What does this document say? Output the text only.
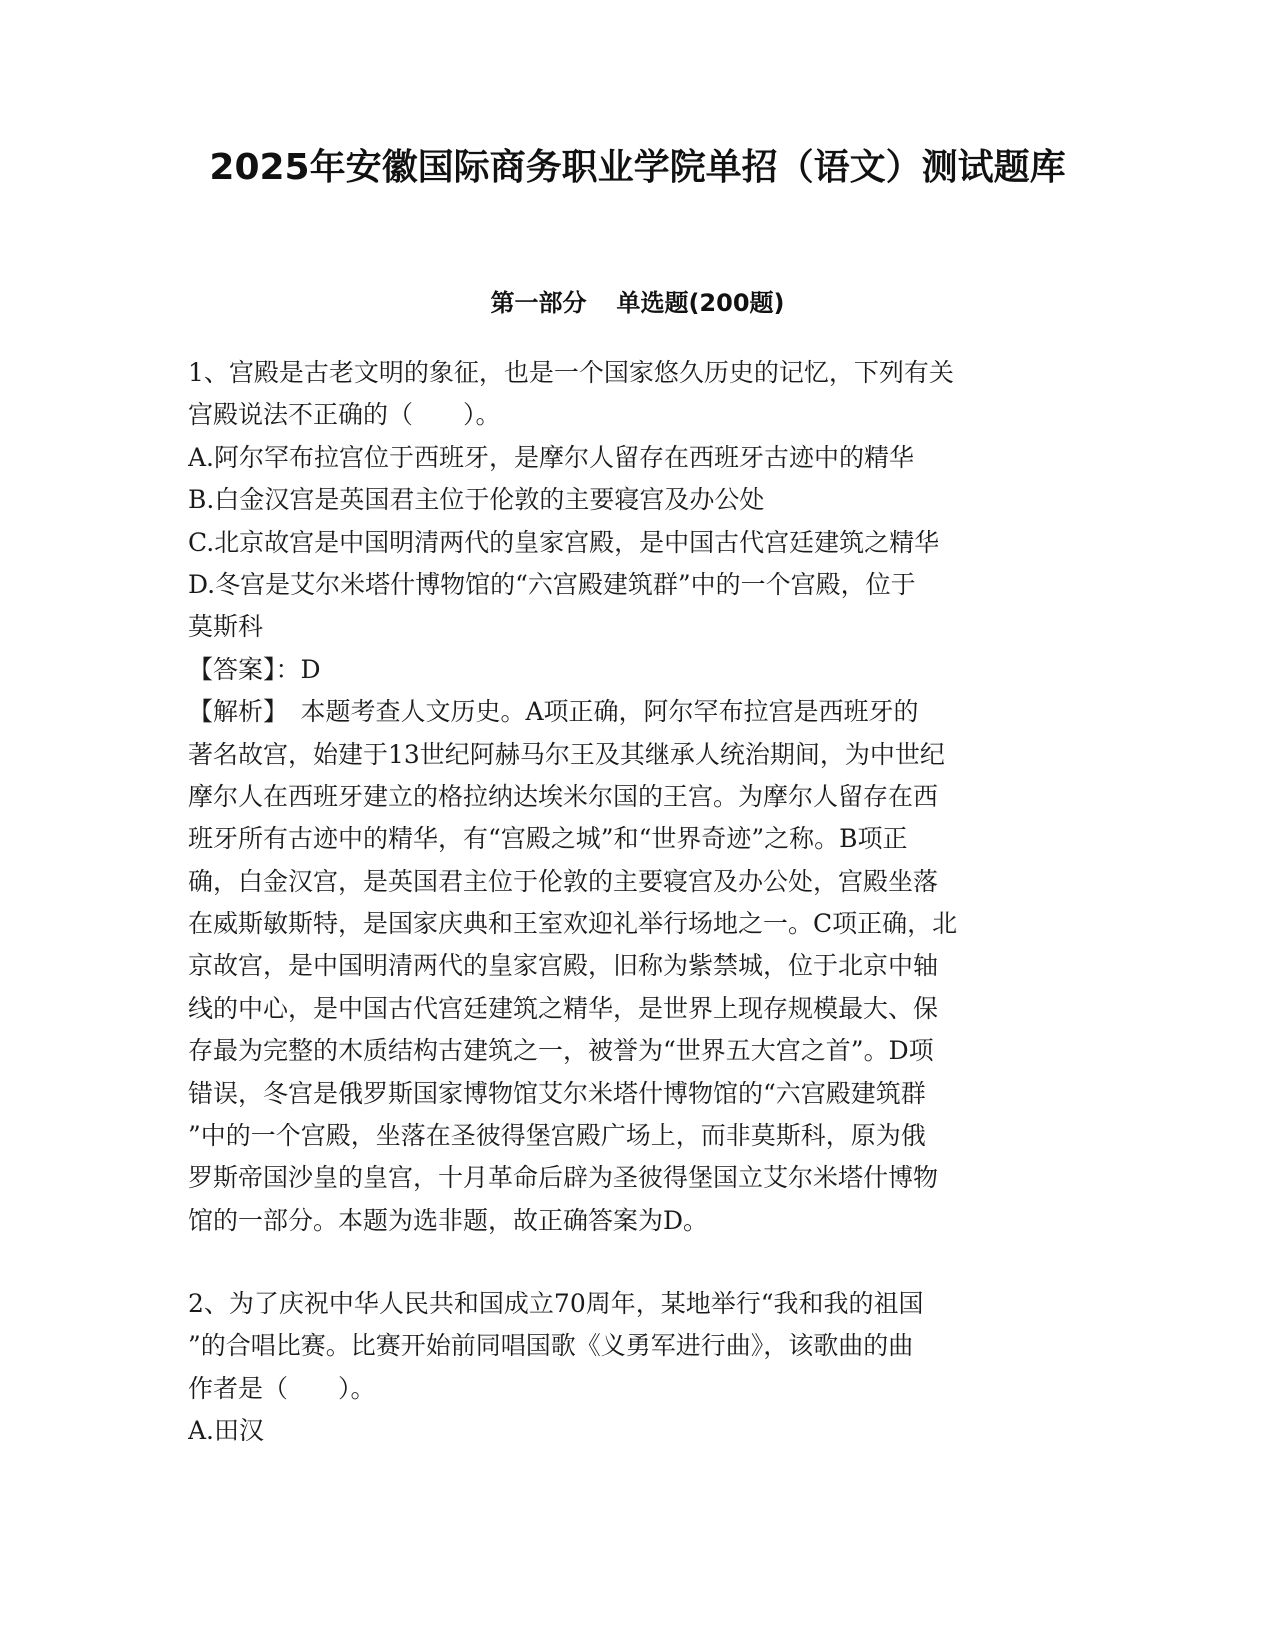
2025年安徽国际商务职业学院单招（语文）测试题库
第一部分 单选题(200题)
1、宫殿是古老文明的象征，也是一个国家悠久历史的记忆，下列有关
宫殿说法不正确的（　　）。
A.阿尔罕布拉宫位于西班牙，是摩尔人留存在西班牙古迹中的精华
B.白金汉宫是英国君主位于伦敦的主要寝宫及办公处
C.北京故宫是中国明清两代的皇家宫殿，是中国古代宫廷建筑之精华
D.冬宫是艾尔米塔什博物馆的“六宫殿建筑群”中的一个宫殿，位于
莫斯科
【答案】：D
【解析】　本题考查人文历史。A项正确，阿尔罕布拉宫是西班牙的
著名故宫，始建于13世纪阿赫马尔王及其继承人统治期间，为中世纪
摩尔人在西班牙建立的格拉纳达埃米尔国的王宫。为摩尔人留存在西
班牙所有古迹中的精华，有“宫殿之城”和“世界奇迹”之称。B项正
确，白金汉宫，是英国君主位于伦敦的主要寝宫及办公处，宫殿坐落
在威斯敏斯特，是国家庆典和王室欢迎礼举行场地之一。C项正确，北
京故宫，是中国明清两代的皇家宫殿，旧称为紫禁城，位于北京中轴
线的中心，是中国古代宫廷建筑之精华，是世界上现存规模最大、保
存最为完整的木质结构古建筑之一，被誉为“世界五大宫之首”。D项
错误，冬宫是俄罗斯国家博物馆艾尔米塔什博物馆的“六宫殿建筑群
”中的一个宫殿，坐落在圣彼得堡宫殿广场上，而非莫斯科，原为俄
罗斯帝国沙皇的皇宫，十月革命后辟为圣彼得堡国立艾尔米塔什博物
馆的一部分。本题为选非题，故正确答案为D。
2、为了庆祝中华人民共和国成立70周年，某地举行“我和我的祖国
”的合唱比赛。比赛开始前同唱国歌《义勇军进行曲》，该歌曲的曲
作者是（　　）。
A.田汉
